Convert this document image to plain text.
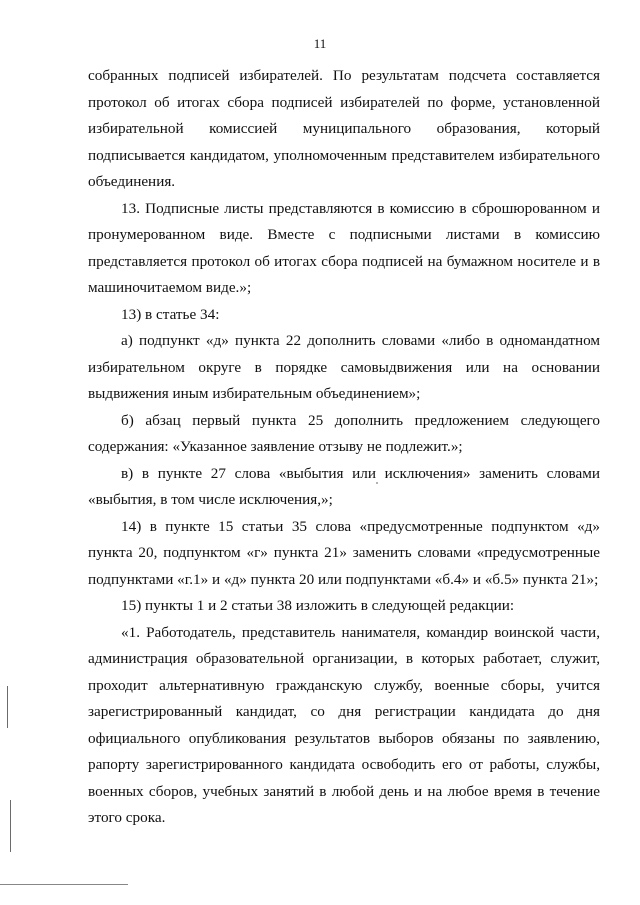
11

собранных подписей избирателей. По результатам подсчета составляется протокол об итогах сбора подписей избирателей по форме, установленной избирательной комиссией муниципального образования, который подписывается кандидатом, уполномоченным представителем избирательного объединения.

13. Подписные листы представляются в комиссию в сброшюрованном и пронумерованном виде. Вместе с подписными листами в комиссию представляется протокол об итогах сбора подписей на бумажном носителе и в машиночитаемом виде.»;

13) в статье 34:

а) подпункт «д» пункта 22 дополнить словами «либо в одномандатном избирательном округе в порядке самовыдвижения или на основании выдвижения иным избирательным объединением»;

б) абзац первый пункта 25 дополнить предложением следующего содержания: «Указанное заявление отзыву не подлежит.»;

в) в пункте 27 слова «выбытия или исключения» заменить словами «выбытия, в том числе исключения,»;

14) в пункте 15 статьи 35 слова «предусмотренные подпунктом «д» пункта 20, подпунктом «г» пункта 21» заменить словами «предусмотренные подпунктами «г.1» и «д» пункта 20 или подпунктами «б.4» и «б.5» пункта 21»;

15) пункты 1 и 2 статьи 38 изложить в следующей редакции:

«1. Работодатель, представитель нанимателя, командир воинской части, администрация образовательной организации, в которых работает, служит, проходит альтернативную гражданскую службу, военные сборы, учится зарегистрированный кандидат, со дня регистрации кандидата до дня официального опубликования результатов выборов обязаны по заявлению, рапорту зарегистрированного кандидата освободить его от работы, службы, военных сборов, учебных занятий в любой день и на любое время в течение этого срока.
